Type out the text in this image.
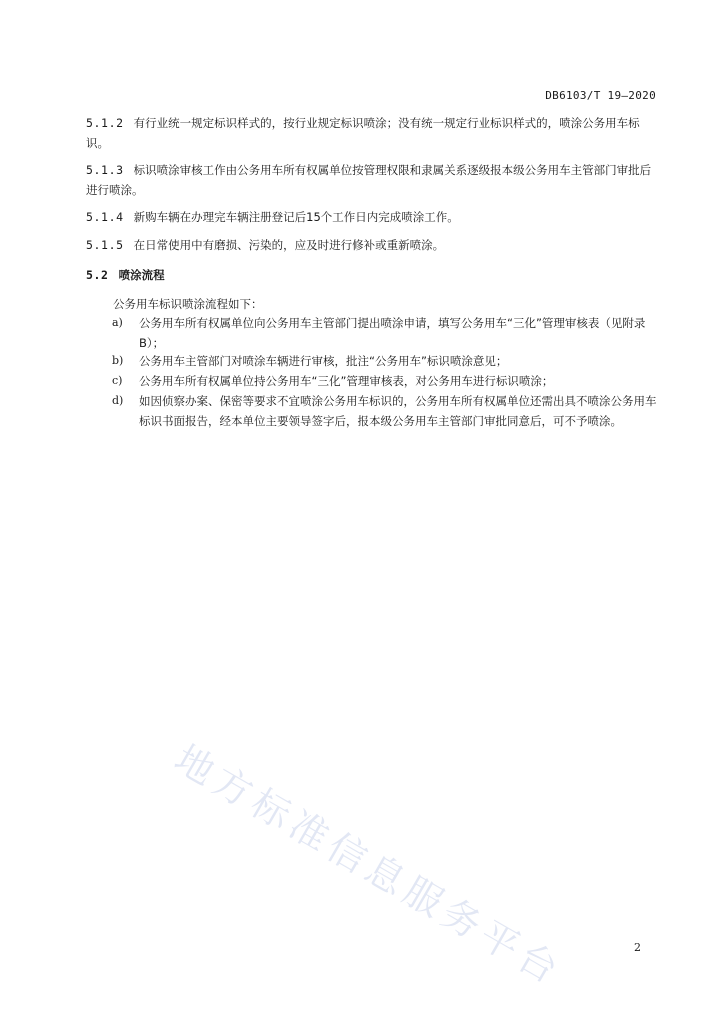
DB6103/T 19—2020
5.1.2 有行业统一规定标识样式的，按行业规定标识喷涂；没有统一规定行业标识样式的，喷涂公务用车标识。
5.1.3 标识喷涂审核工作由公务用车所有权属单位按管理权限和隶属关系逐级报本级公务用车主管部门审批后进行喷涂。
5.1.4 新购车辆在办理完车辆注册登记后15个工作日内完成喷涂工作。
5.1.5 在日常使用中有磨损、污染的，应及时进行修补或重新喷涂。
5.2 喷涂流程
公务用车标识喷涂流程如下：
a) 公务用车所有权属单位向公务用车主管部门提出喷涂申请，填写公务用车“三化”管理审核表（见附录B）；
b) 公务用车主管部门对喷涂车辆进行审核，批注“公务用车”标识喷涂意见；
c) 公务用车所有权属单位持公务用车“三化”管理审核表，对公务用车进行标识喷涂；
d) 如因侦察办案、保密等要求不宜喷涂公务用车标识的，公务用车所有权属单位还需出具不喷涂公务用车标识书面报告，经本单位主要领导签字后，报本级公务用车主管部门审批同意后，可不予喷涂。
2
地方标准信息服务平台
